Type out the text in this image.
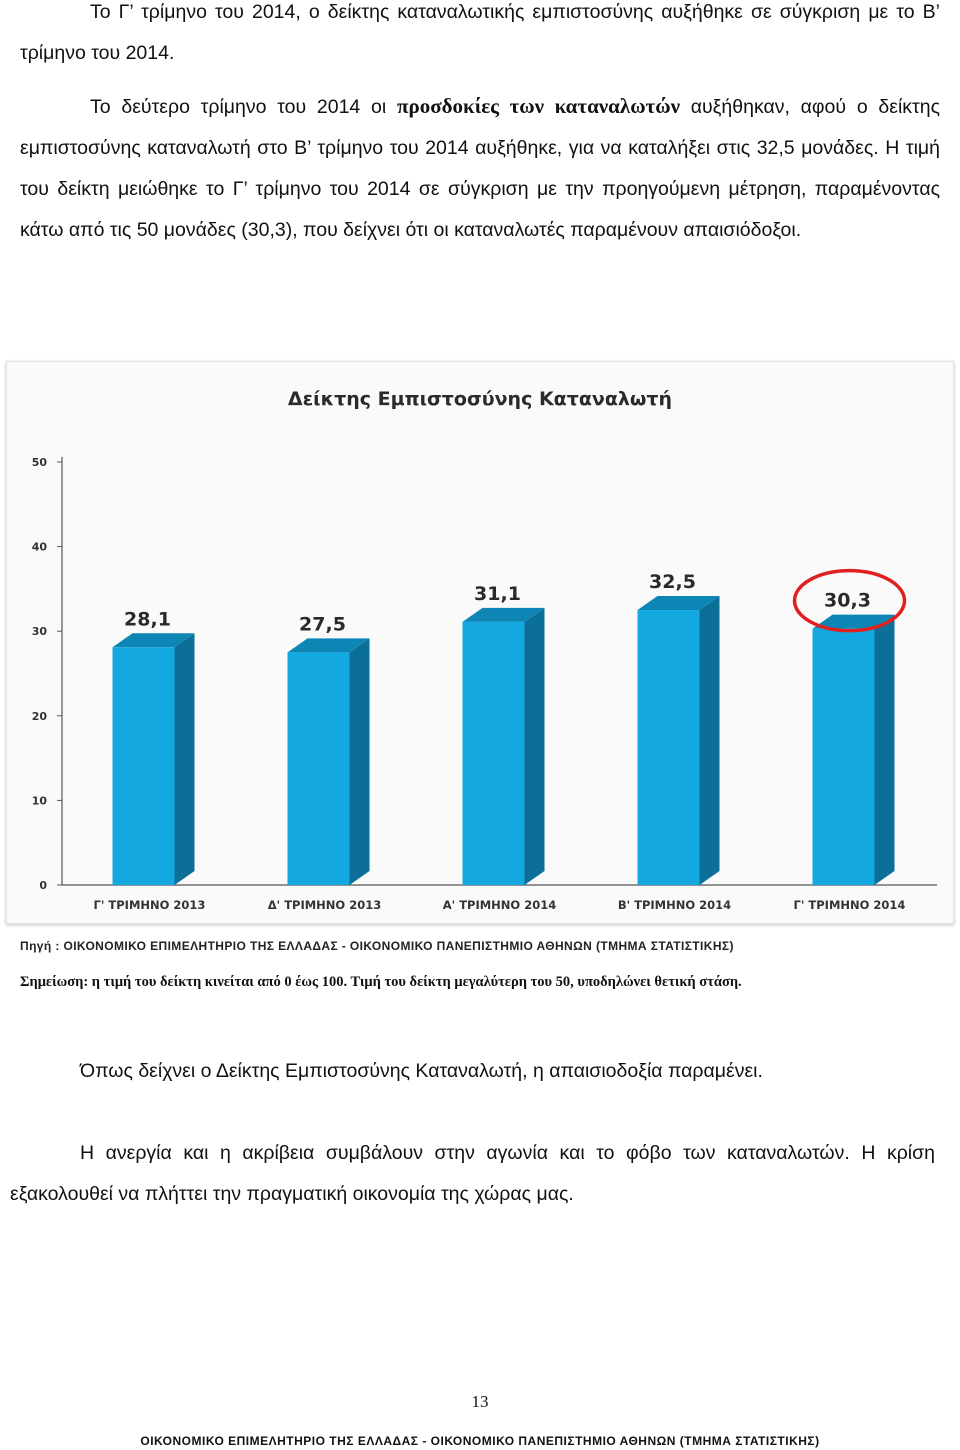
Το Γ’ τρίμηνο του 2014, ο δείκτης καταναλωτικής εμπιστοσύνης αυξήθηκε σε σύγκριση με το Β’ τρίμηνο του 2014.
Το δεύτερο τρίμηνο του 2014 οι προσδοκίες των καταναλωτών αυξήθηκαν, αφού ο δείκτης εμπιστοσύνης καταναλωτή στο Β’ τρίμηνο του 2014 αυξήθηκε, για να καταλήξει στις 32,5 μονάδες. Η τιμή του δείκτη μειώθηκε το Γ’ τρίμηνο του 2014 σε σύγκριση με την προηγούμενη μέτρηση, παραμένοντας κάτω από τις 50 μονάδες (30,3), που δείχνει ότι οι καταναλωτές παραμένουν απαισιόδοξοι.
Δείκτης Εμπιστοσύνης Καταναλωτή
0
10
20
30
40
50
28,1
Γ' ΤΡΙΜΗΝΟ 2013
27,5
Δ' ΤΡΙΜΗΝΟ 2013
31,1
Α' ΤΡΙΜΗΝΟ 2014
32,5
Β' ΤΡΙΜΗΝΟ 2014
30,3
Γ' ΤΡΙΜΗΝΟ 2014
Πηγή : ΟΙΚΟΝΟΜΙΚΟ ΕΠΙΜΕΛΗΤΗΡΙΟ ΤΗΣ ΕΛΛΑΔΑΣ - ΟΙΚΟΝΟΜΙΚΟ ΠΑΝΕΠΙΣΤΗΜΙΟ ΑΘΗΝΩΝ (ΤΜΗΜΑ ΣΤΑΤΙΣΤΙΚΗΣ)
Σημείωση: η τιμή του δείκτη κινείται από 0 έως 100. Τιμή του δείκτη μεγαλύτερη του 50, υποδηλώνει θετική στάση.
Όπως δείχνει ο Δείκτης Εμπιστοσύνης Καταναλωτή, η απαισιοδοξία παραμένει.
Η ανεργία και η ακρίβεια συμβάλουν στην αγωνία και το φόβο των καταναλωτών. Η κρίση εξακολουθεί να πλήττει την πραγματική οικονομία της χώρας μας.
13
ΟΙΚΟΝΟΜΙΚΟ ΕΠΙΜΕΛΗΤΗΡΙΟ ΤΗΣ ΕΛΛΑΔΑΣ - ΟΙΚΟΝΟΜΙΚΟ ΠΑΝΕΠΙΣΤΗΜΙΟ ΑΘΗΝΩΝ (ΤΜΗΜΑ ΣΤΑΤΙΣΤΙΚΗΣ)
